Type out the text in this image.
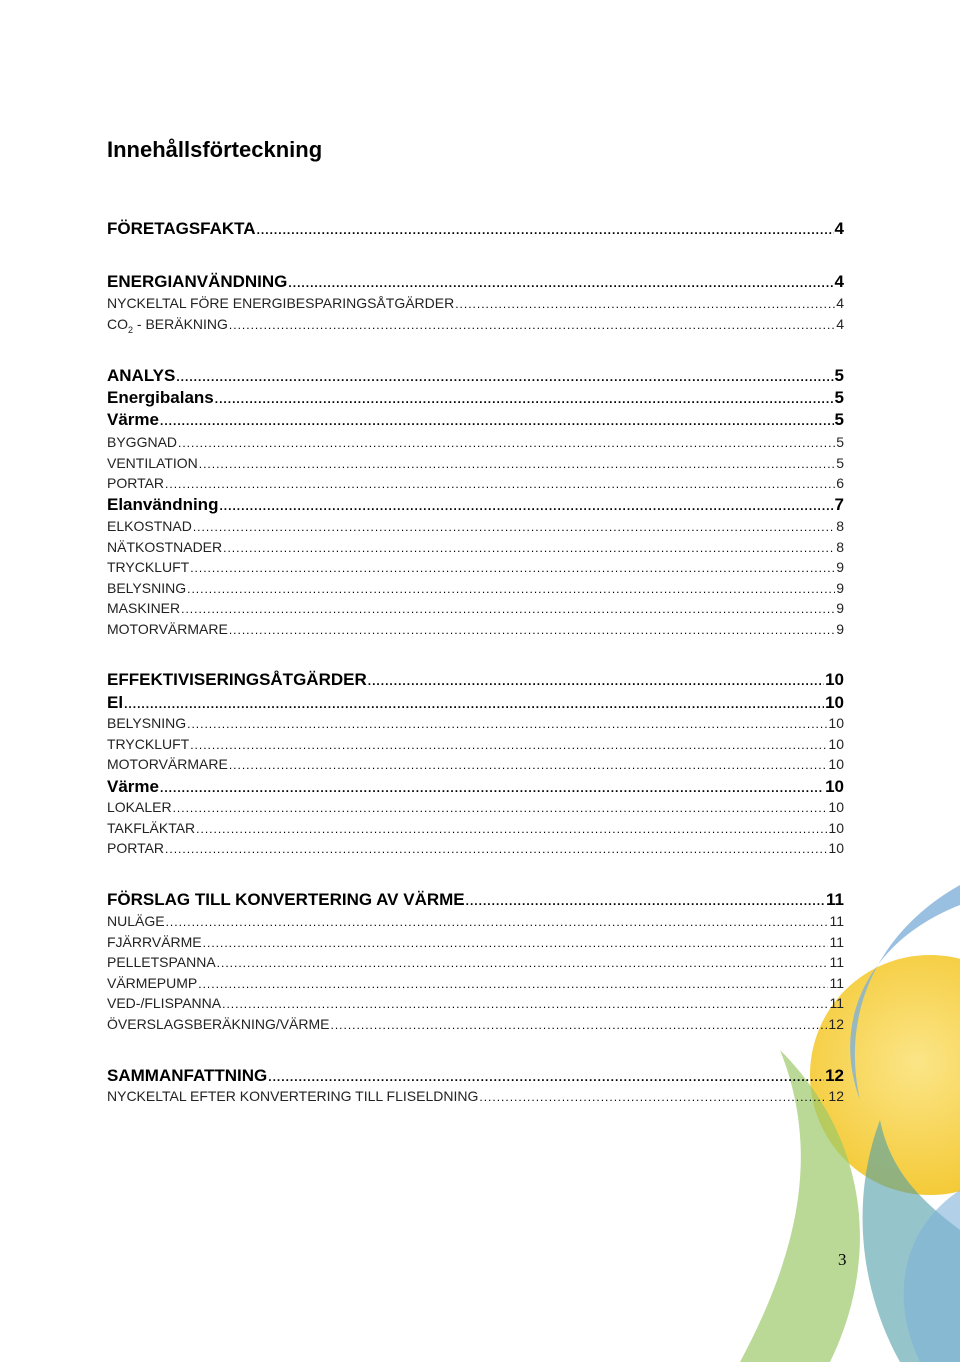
Innehållsförteckning
FÖRETAGSFAKTA .....	4
ENERGIANVÄNDNING .....	4
NYCKELTAL FÖRE ENERGIBESPARINGSÅTGÄRDER .....	4
$CO_2$ - BERÄKNING .....	4
ANALYS .....	5
Energibalans .....	5
Värme .....	5
BYGGNAD .....	5
VENTILATION .....	5
PORTAR .....	6
Elanvändning .....	7
ELKOSTNAD .....	8
NÄTKOSTNADER .....	8
TRYCKLUFT .....	9
BELYSNING .....	9
MASKINER .....	9
MOTORVÄRMARE .....	9
EFFEKTIVISERINGSÅTGÄRDER .....	10
El .....	10
BELYSNING .....	10
TRYCKLUFT .....	10
MOTORVÄRMARE .....	10
Värme .....	10
LOKALER .....	10
TAKFLÄKTAR .....	10
PORTAR .....	10
FÖRSLAG TILL KONVERTERING AV VÄRME .....	11
NULÄGE .....	11
FJÄRRVÄRME .....	11
PELLETSPANNA .....	11
VÄRMEPUMP .....	11
VED-/FLISPANNA .....	11
ÖVERSLAGSBERÄKNING/VÄRME .....	12
SAMMANFATTNING .....	12
NYCKELTAL EFTER KONVERTERING TILL FLISELDNING .....	12
3
